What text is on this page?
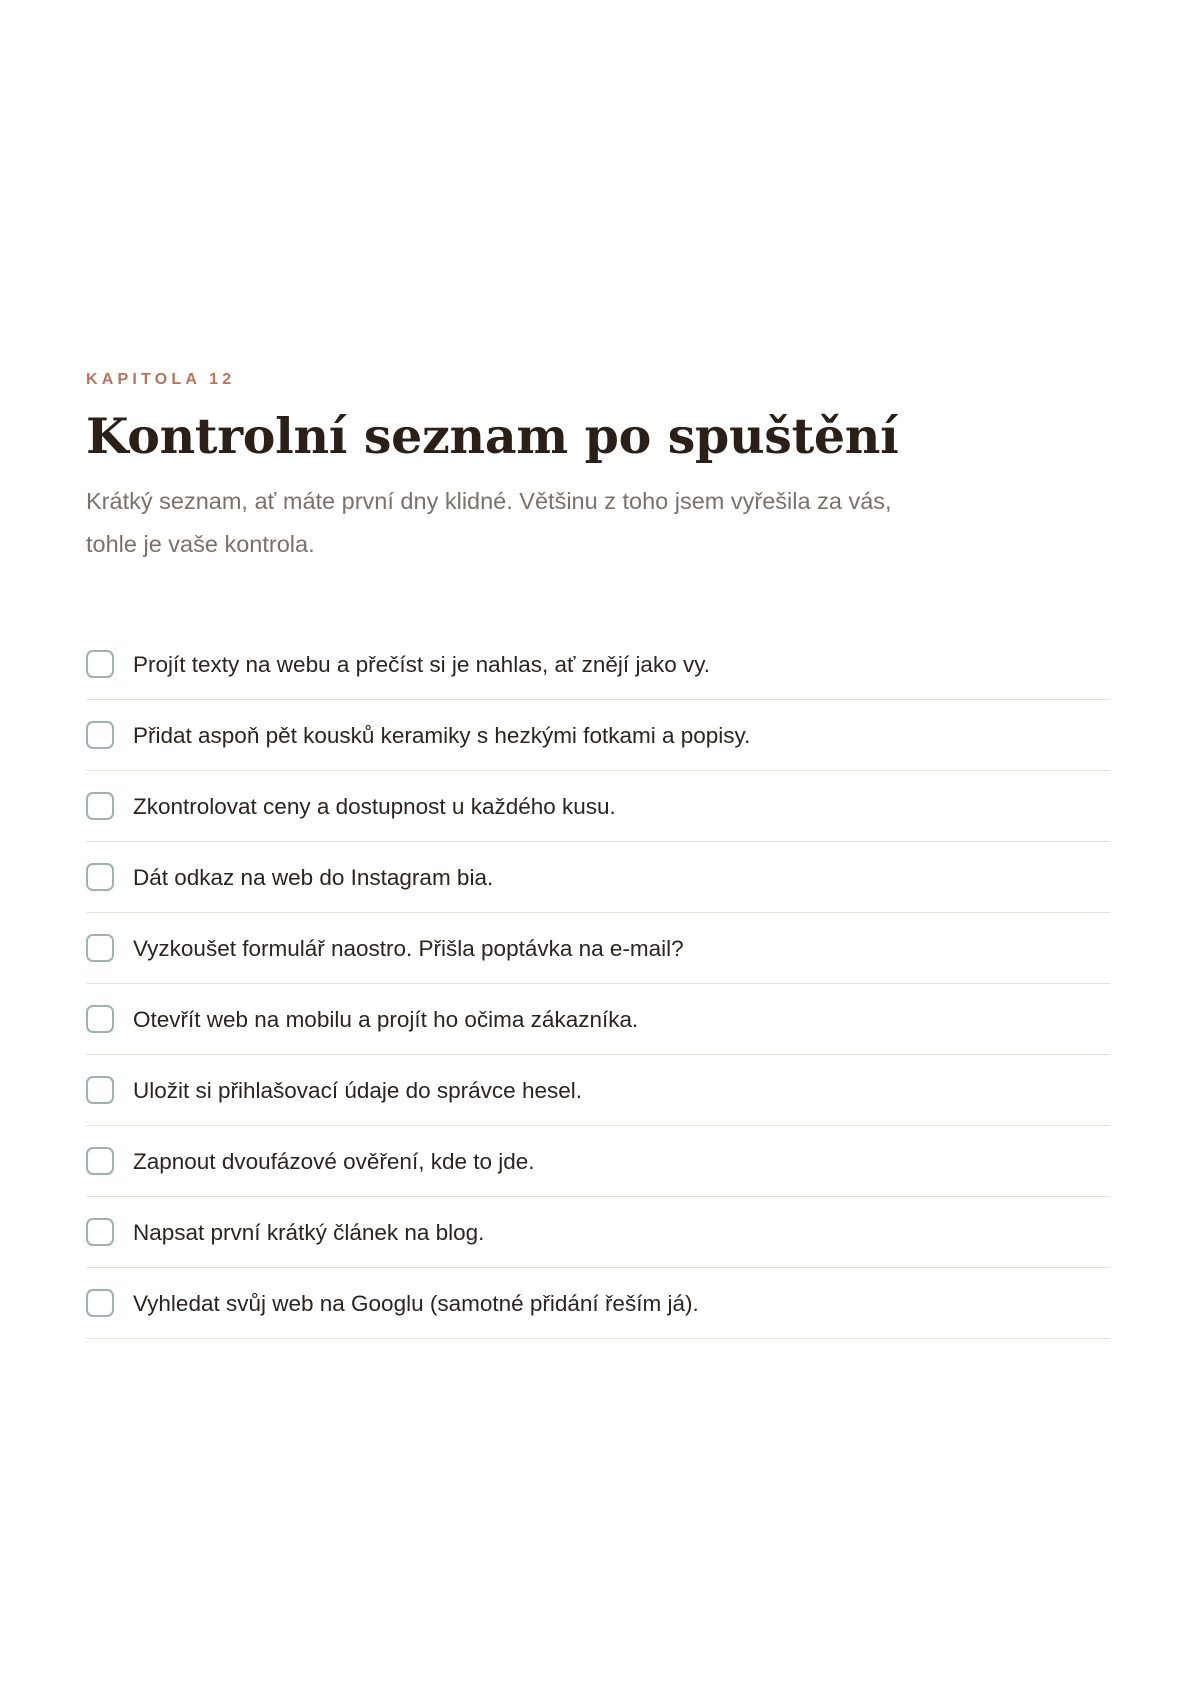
KAPITOLA 12

Kontrolní seznam po spuštění

Krátký seznam, ať máte první dny klidné. Většinu z toho jsem vyřešila za vás, tohle je vaše kontrola.

Projít texty na webu a přečíst si je nahlas, ať znějí jako vy.
Přidat aspoň pět kousků keramiky s hezkými fotkami a popisy.
Zkontrolovat ceny a dostupnost u každého kusu.
Dát odkaz na web do Instagram bia.
Vyzkoušet formulář naostro. Přišla poptávka na e-mail?
Otevřít web na mobilu a projít ho očima zákazníka.
Uložit si přihlašovací údaje do správce hesel.
Zapnout dvoufázové ověření, kde to jde.
Napsat první krátký článek na blog.
Vyhledat svůj web na Googlu (samotné přidání řeším já).
